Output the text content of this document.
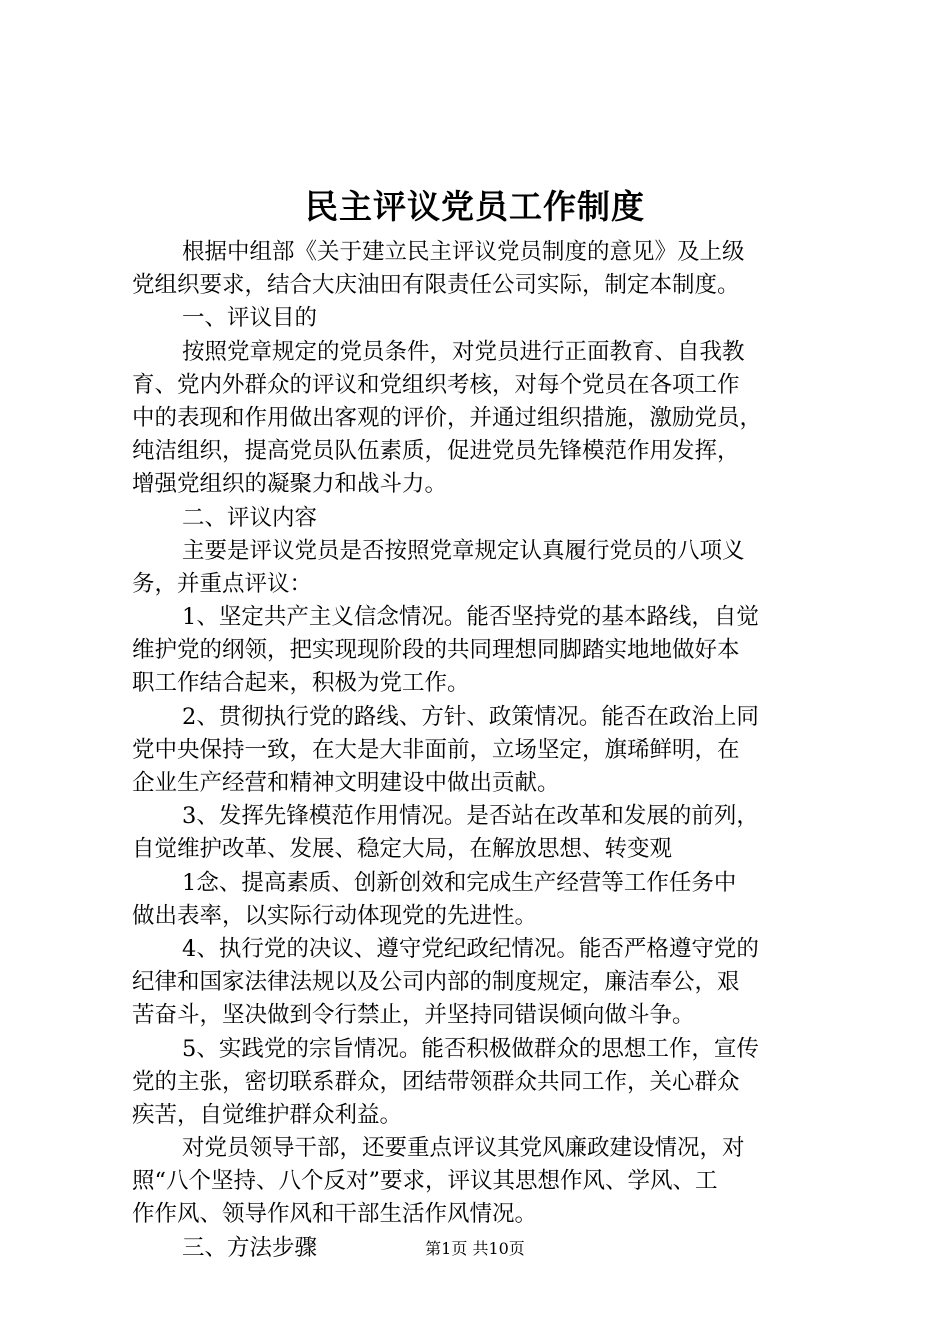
民主评议党员工作制度
根据中组部《关于建立民主评议党员制度的意见》及上级
党组织要求，结合大庆油田有限责任公司实际，制定本制度。
一、评议目的
按照党章规定的党员条件，对党员进行正面教育、自我教
育、党内外群众的评议和党组织考核，对每个党员在各项工作
中的表现和作用做出客观的评价，并通过组织措施，激励党员，
纯洁组织，提高党员队伍素质，促进党员先锋模范作用发挥，
增强党组织的凝聚力和战斗力。
二、评议内容
主要是评议党员是否按照党章规定认真履行党员的八项义
务，并重点评议：
1、坚定共产主义信念情况。能否坚持党的基本路线，自觉
维护党的纲领，把实现现阶段的共同理想同脚踏实地地做好本
职工作结合起来，积极为党工作。
2、贯彻执行党的路线、方针、政策情况。能否在政治上同
党中央保持一致，在大是大非面前，立场坚定，旗琋鲜明，在
企业生产经营和精神文明建设中做出贡献。
3、发挥先锋模范作用情况。是否站在改革和发展的前列，
自觉维护改革、发展、稳定大局，在解放思想、转变观
1念、提高素质、创新创效和完成生产经营等工作任务中
做出表率，以实际行动体现党的先进性。
4、执行党的决议、遵守党纪政纪情况。能否严格遵守党的
纪律和国家法律法规以及公司内部的制度规定，廉洁奉公，艰
苦奋斗，坚决做到令行禁止，并坚持同错误倾向做斗争。
5、实践党的宗旨情况。能否积极做群众的思想工作，宣传
党的主张，密切联系群众，团结带领群众共同工作，关心群众
疾苦，自觉维护群众利益。
对党员领导干部，还要重点评议其党风廉政建设情况，对
照“八个坚持、八个反对”要求，评议其思想作风、学风、工
作作风、领导作风和干部生活作风情况。
三、方法步骤	第1页 共10页
